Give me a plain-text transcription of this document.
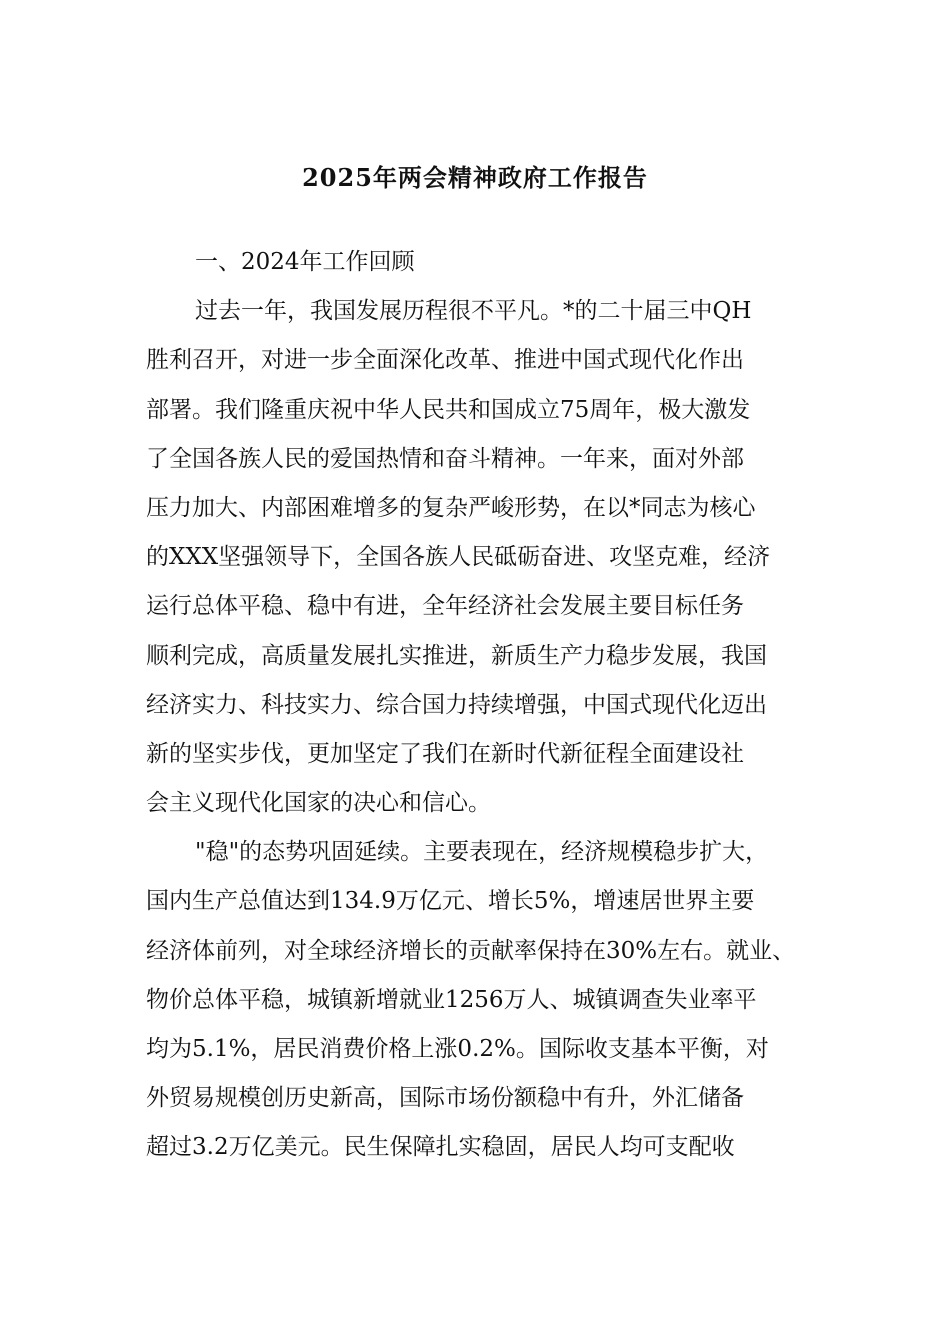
2025年两会精神政府工作报告
一、2024年工作回顾
过去一年，我国发展历程很不平凡。*的二十届三中QH
胜利召开，对进一步全面深化改革、推进中国式现代化作出
部署。我们隆重庆祝中华人民共和国成立75周年，极大激发
了全国各族人民的爱国热情和奋斗精神。一年来，面对外部
压力加大、内部困难增多的复杂严峻形势，在以*同志为核心
的XXX坚强领导下，全国各族人民砥砺奋进、攻坚克难，经济
运行总体平稳、稳中有进，全年经济社会发展主要目标任务
顺利完成，高质量发展扎实推进，新质生产力稳步发展，我国
经济实力、科技实力、综合国力持续增强，中国式现代化迈出
新的坚实步伐，更加坚定了我们在新时代新征程全面建设社
会主义现代化国家的决心和信心。
"稳"的态势巩固延续。主要表现在，经济规模稳步扩大，
国内生产总值达到134.9万亿元、增长5%，增速居世界主要
经济体前列，对全球经济增长的贡献率保持在30%左右。就业、
物价总体平稳，城镇新增就业1256万人、城镇调查失业率平
均为5.1%，居民消费价格上涨0.2%。国际收支基本平衡，对
外贸易规模创历史新高，国际市场份额稳中有升，外汇储备
超过3.2万亿美元。民生保障扎实稳固，居民人均可支配收
